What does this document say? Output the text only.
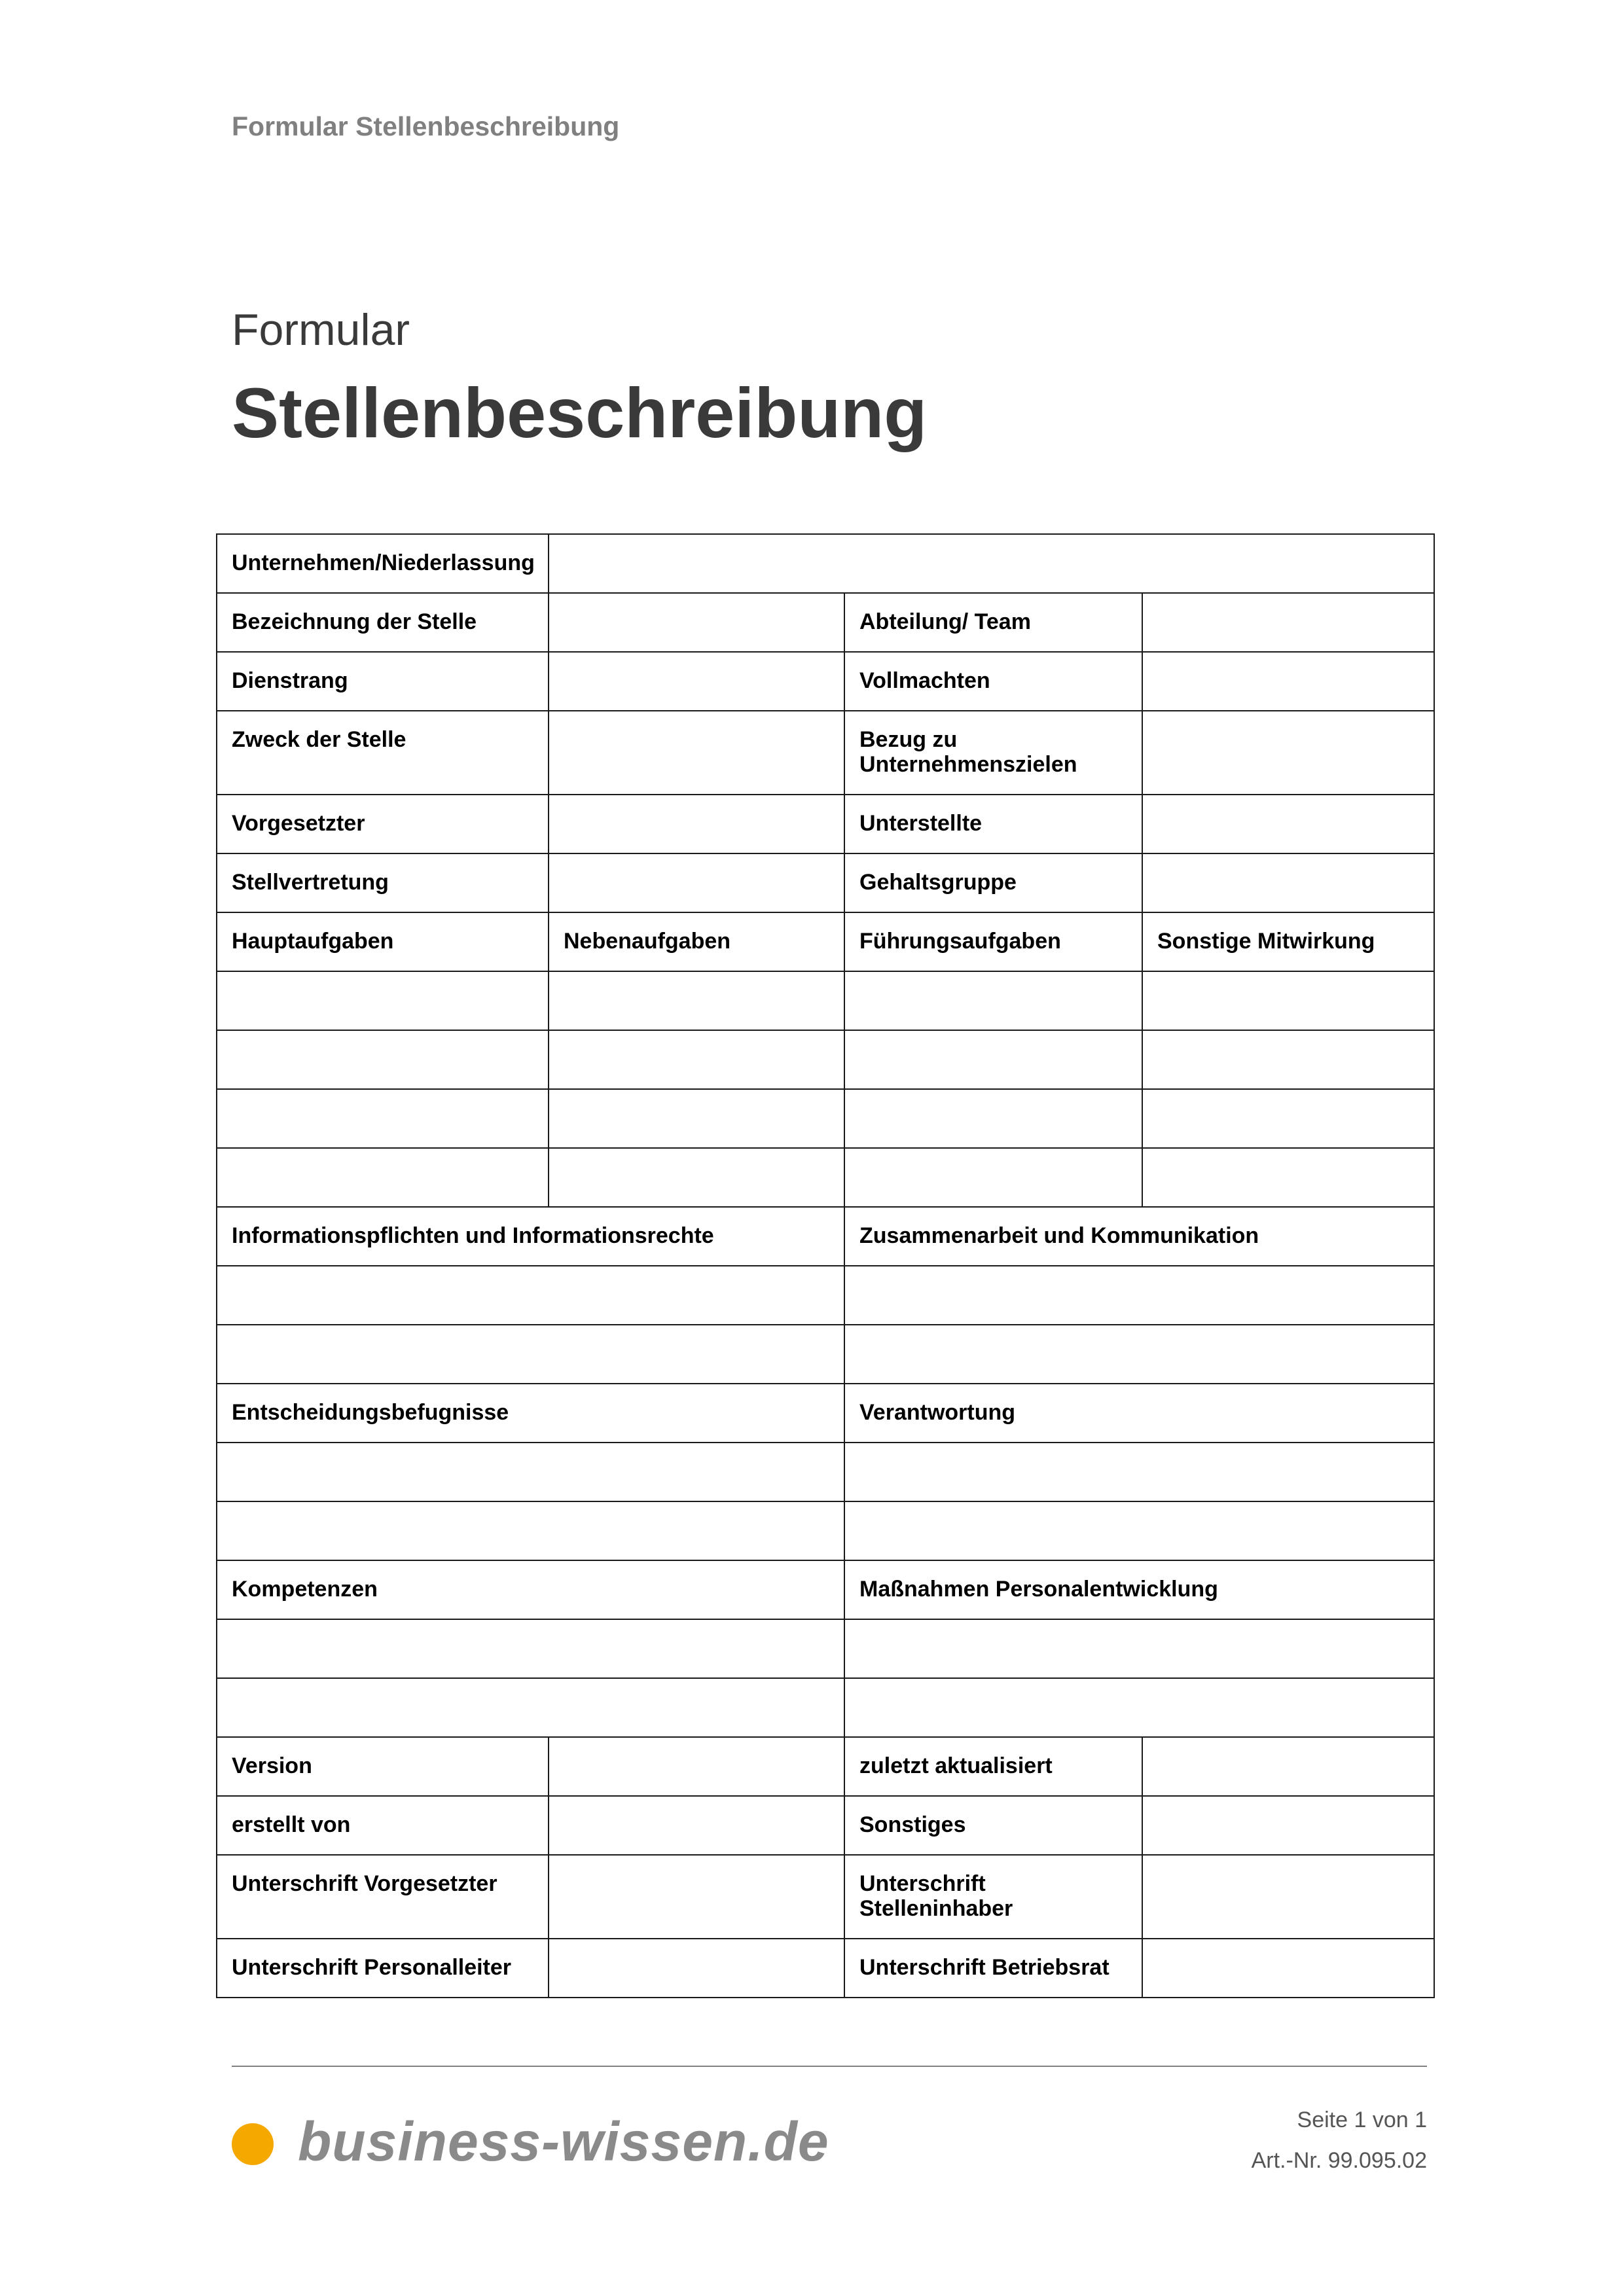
Formular Stellenbeschreibung
Formular
Stellenbeschreibung
Unternehmen/Niederlassung			
Bezeichnung der Stelle		Abteilung/ Team	
Dienstrang		Vollmachten	
Zweck der Stelle		Bezug zu
Unternehmenszielen	

Vorgesetzter		Unterstellte	
Stellvertretung		Gehaltsgruppe	
Hauptaufgaben	Nebenaufgaben	Führungsaufgaben	Sonstige Mitwirkung

Informationspflichten und Informationsrechte		Zusammenarbeit und Kommunikation	

Entscheidungsbefugnisse		Verantwortung	

Kompetenzen		Maßnahmen Personalentwicklung	

Version		zuletzt aktualisiert	
erstellt von		Sonstiges	
Unterschrift Vorgesetzter		Unterschrift
Stelleninhaber	

Unterschrift Personalleiter		Unterschrift Betriebsrat	
business-wissen.de	Seite 1 von 1
Art.-Nr. 99.095.02
